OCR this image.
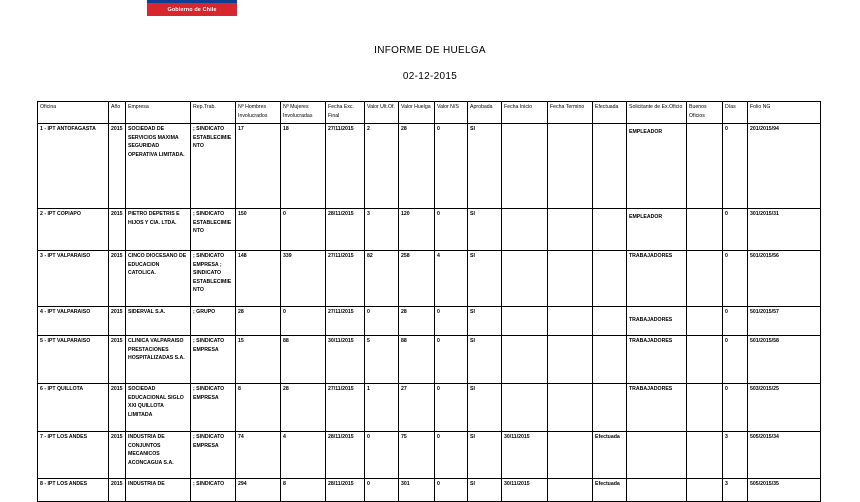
Gobierno de Chile
INFORME DE HUELGA
02-12-2015
Oficina	Año	Empresa	Rep.Trab.	Nº Hombres Involucrados	Nº Mujeres Involucradas	Fecha Exc. Final	Valor Ult.Of.	Valor Huelga	Valor N/S	Aprobada	Fecha Inicio	Fecha Termino	Efectuada	Solicitante de Ex.Oficio	Buenos Oficios	Días	Folio NG
1 - IPT ANTOFAGASTA	2015	SOCIEDAD DE SERVICIOS MAXIMA SEGURIDAD OPERATIVA LIMITADA.	; SINDICATO ESTABLECIMIENTO	17	18	27/11/2015	2	28	0	SI				EMPLEADOR		0	201/2015/94
2 - IPT COPIAPO	2015	PIETRO DEPETRIS E HIJOS Y CIA. LTDA.	; SINDICATO ESTABLECIMIENTO	150	0	28/11/2015	3	120	0	SI				EMPLEADOR		0	301/2015/31
3 - IPT VALPARAISO	2015	CINCO DIOCESANO DE EDUCACION CATOLICA.	; SINDICATO EMPRESA ; SINDICATO ESTABLECIMIENTO	148	339	27/11/2015	82	258	4	SI				TRABAJADORES		0	501/2015/56
4 - IPT VALPARAISO	2015	SIDERVAL S.A.	; GRUPO	28	0	27/11/2015	0	28	0	SI				TRABAJADORES		0	501/2015/57
5 - IPT VALPARAISO	2015	CLINICA VALPARAISO PRESTACIONES HOSPITALIZADAS S.A.	; SINDICATO EMPRESA	15	88	30/11/2015	5	88	0	SI				TRABAJADORES		0	501/2015/58
6 - IPT QUILLOTA	2015	SOCIEDAD EDUCACIONAL SIGLO XXI QUILLOTA LIMITADA	; SINDICATO EMPRESA	8	28	27/11/2015	1	27	0	SI				TRABAJADORES		0	503/2015/25
7 - IPT LOS ANDES	2015	INDUSTRIA DE CONJUNTOS MECANICOS ACONCAGUA S.A.	; SINDICATO EMPRESA	74	4	28/11/2015	0	75	0	SI	30/11/2015		Efectuada			3	505/2015/34
8 - IPT LOS ANDES	2015	INDUSTRIA DE	; SINDICATO	294	8	28/11/2015	0	301	0	SI	30/11/2015		Efectuada			3	505/2015/35
